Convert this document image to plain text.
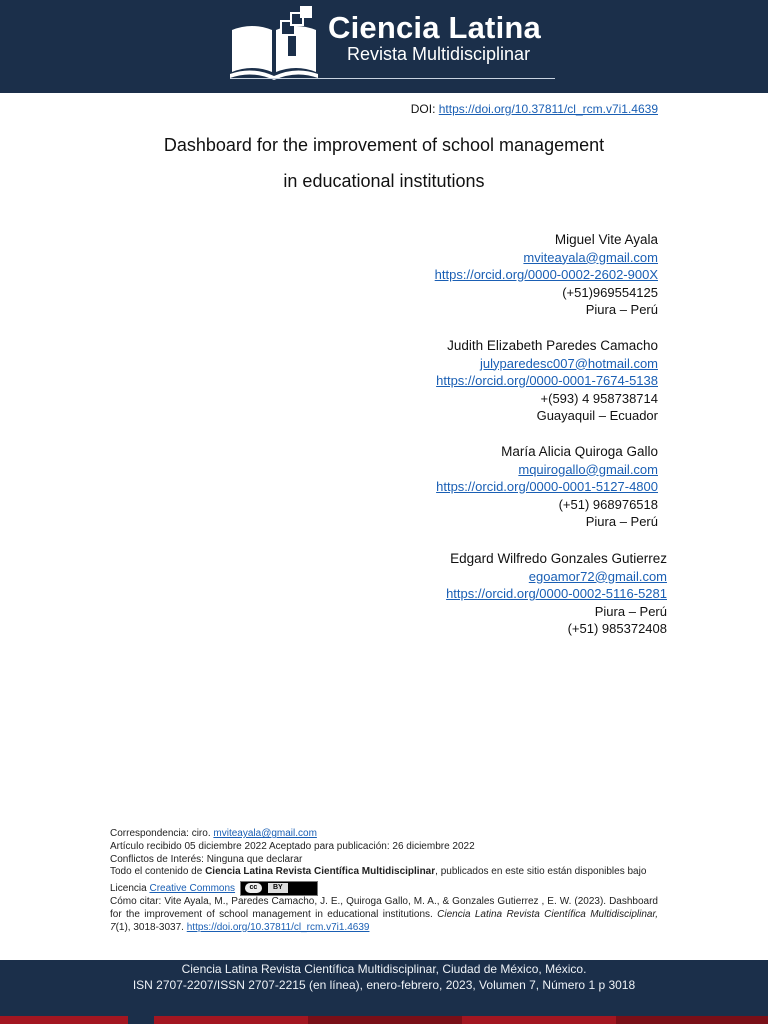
Ciencia Latina
Revista Multidisciplinar
DOI: https://doi.org/10.37811/cl_rcm.v7i1.4639
Dashboard for the improvement of school management
in educational institutions
Miguel Vite Ayala
mviteayala@gmail.com
https://orcid.org/0000-0002-2602-900X
(+51)969554125
Piura – Perú
Judith Elizabeth Paredes Camacho
julyparedesc007@hotmail.com
https://orcid.org/0000-0001-7674-5138
+(593) 4 958738714
Guayaquil – Ecuador
María Alicia Quiroga Gallo
mquirogallo@gmail.com
https://orcid.org/0000-0001-5127-4800
(+51) 968976518
Piura – Perú
Edgard Wilfredo Gonzales Gutierrez
egoamor72@gmail.com
https://orcid.org/0000-0002-5116-5281
Piura – Perú
(+51) 985372408
Correspondencia: ciro. mviteayala@gmail.com
Artículo recibido 05 diciembre 2022 Aceptado para publicación: 26 diciembre 2022
Conflictos de Interés: Ninguna que declarar
Todo el contenido de Ciencia Latina Revista Científica Multidisciplinar, publicados en este sitio están disponibles bajo
Licencia Creative Commons	cc	BY
Cómo citar: Vite Ayala, M., Paredes Camacho, J. E., Quiroga Gallo, M. A., & Gonzales Gutierrez , E. W. (2023). Dashboard for the improvement of school management in educational institutions. Ciencia Latina Revista Científica Multidisciplinar, 7(1), 3018-3037. https://doi.org/10.37811/cl_rcm.v7i1.4639
Ciencia Latina Revista Científica Multidisciplinar, Ciudad de México, México.
ISN 2707-2207/ISSN 2707-2215 (en línea), enero-febrero, 2023, Volumen 7, Número 1 p 3018
